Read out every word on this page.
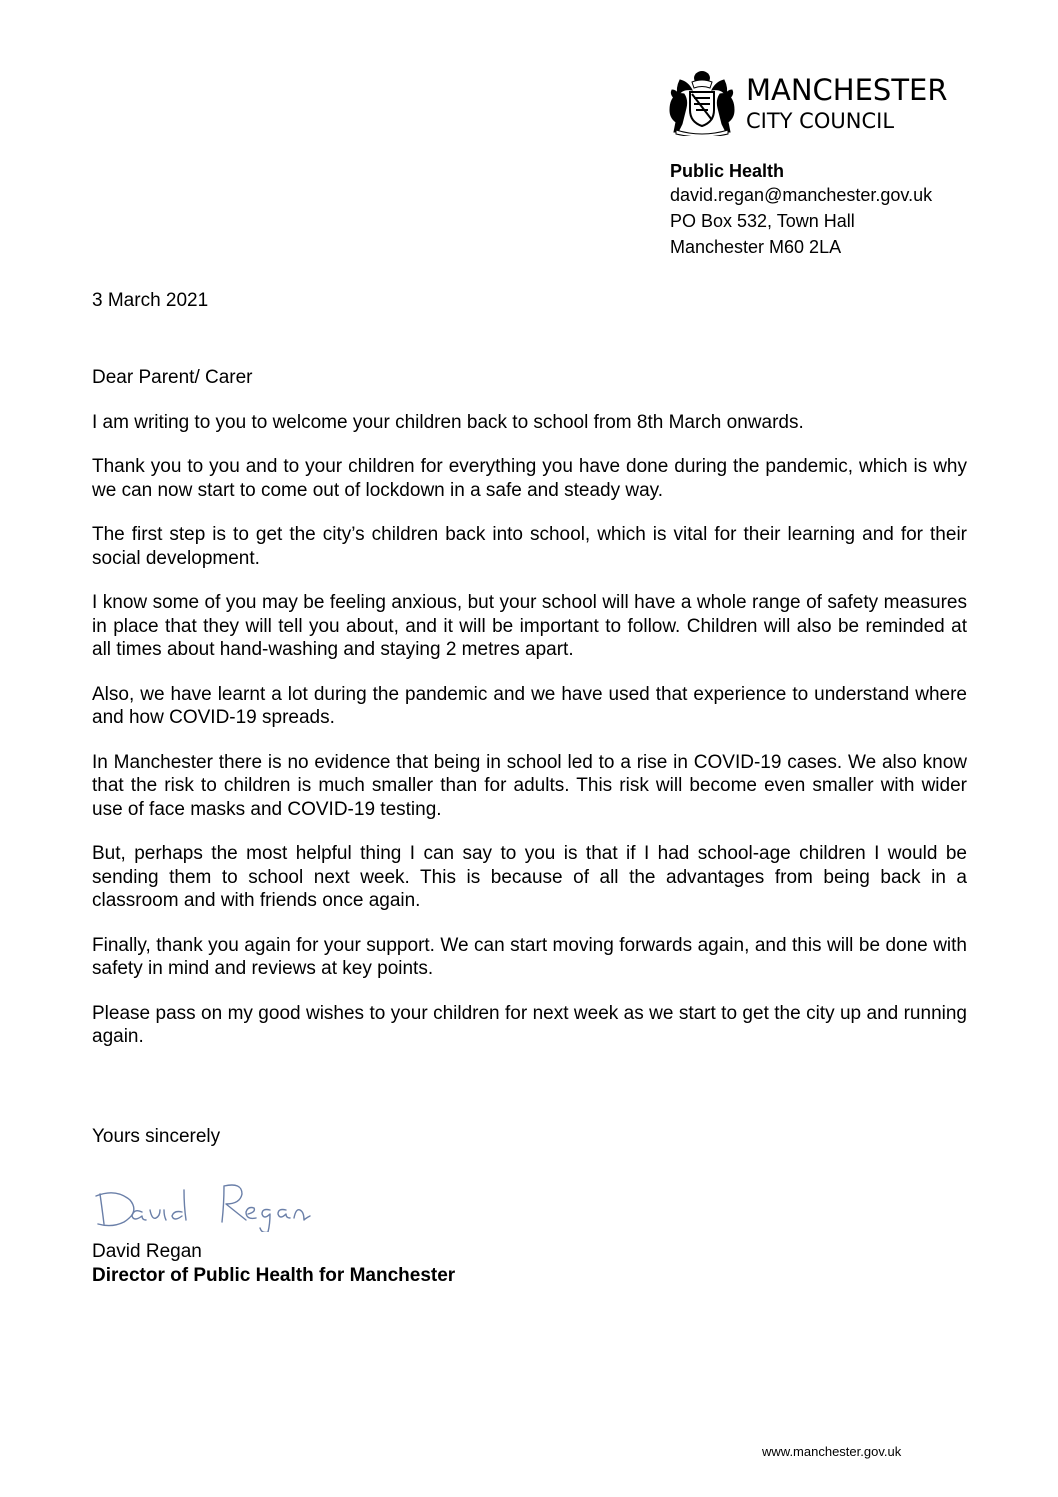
MANCHESTER
CITY COUNCIL
Public Health
david.regan@manchester.gov.uk
PO Box 532, Town Hall
Manchester M60 2LA
3 March 2021
Dear Parent/ Carer

I am writing to you to welcome your children back to school from 8th March onwards.

Thank you to you and to your children for everything you have done during the pandemic, which is why we can now start to come out of lockdown in a safe and steady way.

The first step is to get the city’s children back into school, which is vital for their learning and for their social development.

I know some of you may be feeling anxious, but your school will have a whole range of safety measures in place that they will tell you about, and it will be important to follow. Children will also be reminded at all times about hand-washing and staying 2 metres apart.

Also, we have learnt a lot during the pandemic and we have used that experience to understand where and how COVID-19 spreads.

In Manchester there is no evidence that being in school led to a rise in COVID-19 cases. We also know that the risk to children is much smaller than for adults. This risk will become even smaller with wider use of face masks and COVID-19 testing.

But, perhaps the most helpful thing I can say to you is that if I had school-age children I would be sending them to school next week. This is because of all the advantages from being back in a classroom and with friends once again.

Finally, thank you again for your support. We can start moving forwards again, and this will be done with safety in mind and reviews at key points.

Please pass on my good wishes to your children for next week as we start to get the city up and running again.

Yours sincerely
David Regan
Director of Public Health for Manchester
www.manchester.gov.uk
